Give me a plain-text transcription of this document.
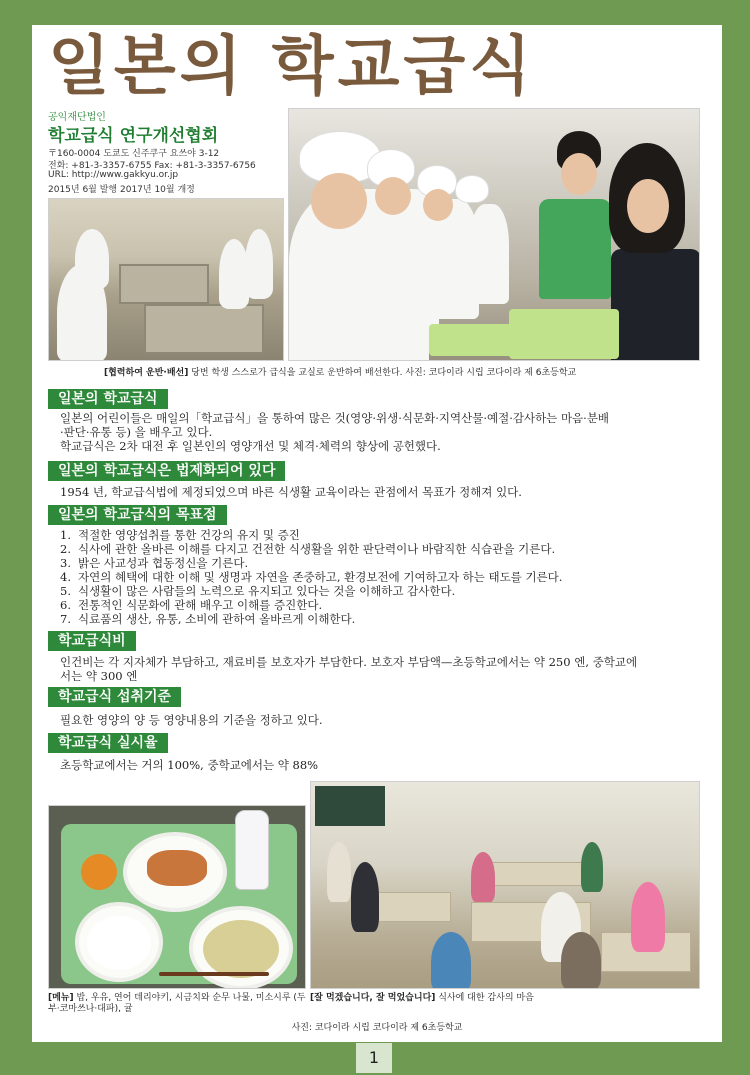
일본의 학교급식
공익재단법인
학교급식 연구개선협회
〒160-0004 도쿄도 신주쿠구 요쓰야 3-12
전화: +81-3-3357-6755 Fax: +81-3-3357-6756
URL: http://www.gakkyu.or.jp
2015년 6월 발행 2017년 10월 개정
[협력하여 운반·배선] 당번 학생 스스로가 급식을 교실로 운반하여 배선한다. 사진: 코다이라 시립 코다이라 제 6초등학교
일본의 학교급식
일본의 어린이들은 매일의「학교급식」을 통하여 많은 것(영양·위생·식문화·지역산물·예절·감사하는 마음·분배
·판단·유통 등) 을 배우고 있다.
학교급식은 2차 대전 후 일본인의 영양개선 및 체격·체력의 향상에 공헌했다.
일본의 학교급식은 법제화되어 있다
1954 년, 학교급식법에 제정되었으며 바른 식생활 교육이라는 관점에서 목표가 정해져 있다.
일본의 학교급식의 목표점
1. 적절한 영양섭취를 통한 건강의 유지 및 증진
2. 식사에 관한 올바른 이해를 다지고 건전한 식생활을 위한 판단력이나 바람직한 식습관을 기른다.
3. 밝은 사교성과 협동정신을 기른다.
4. 자연의 혜택에 대한 이해 및 생명과 자연을 존중하고, 환경보전에 기여하고자 하는 태도를 기른다.
5. 식생활이 많은 사람들의 노력으로 유지되고 있다는 것을 이해하고 감사한다.
6. 전통적인 식문화에 관해 배우고 이해를 증진한다.
7. 식료품의 생산, 유통, 소비에 관하여 올바르게 이해한다.
학교급식비
인건비는 각 지자체가 부담하고, 재료비를 보호자가 부담한다. 보호자 부담액—초등학교에서는 약 250 엔, 중학교에
서는 약 300 엔
학교급식 섭취기준
필요한 영양의 양 등 영양내용의 기준을 정하고 있다.
학교급식 실시율
초등학교에서는 거의 100%, 중학교에서는 약 88%
[메뉴] 밥, 우유, 연어 데리야키, 시금치와 순무 나물, 미소시루 (두부·코마쓰나·대파), 귤
[잘 먹겠습니다, 잘 먹었습니다] 식사에 대한 감사의 마음
사진: 코다이라 시립 코다이라 제 6초등학교
1
